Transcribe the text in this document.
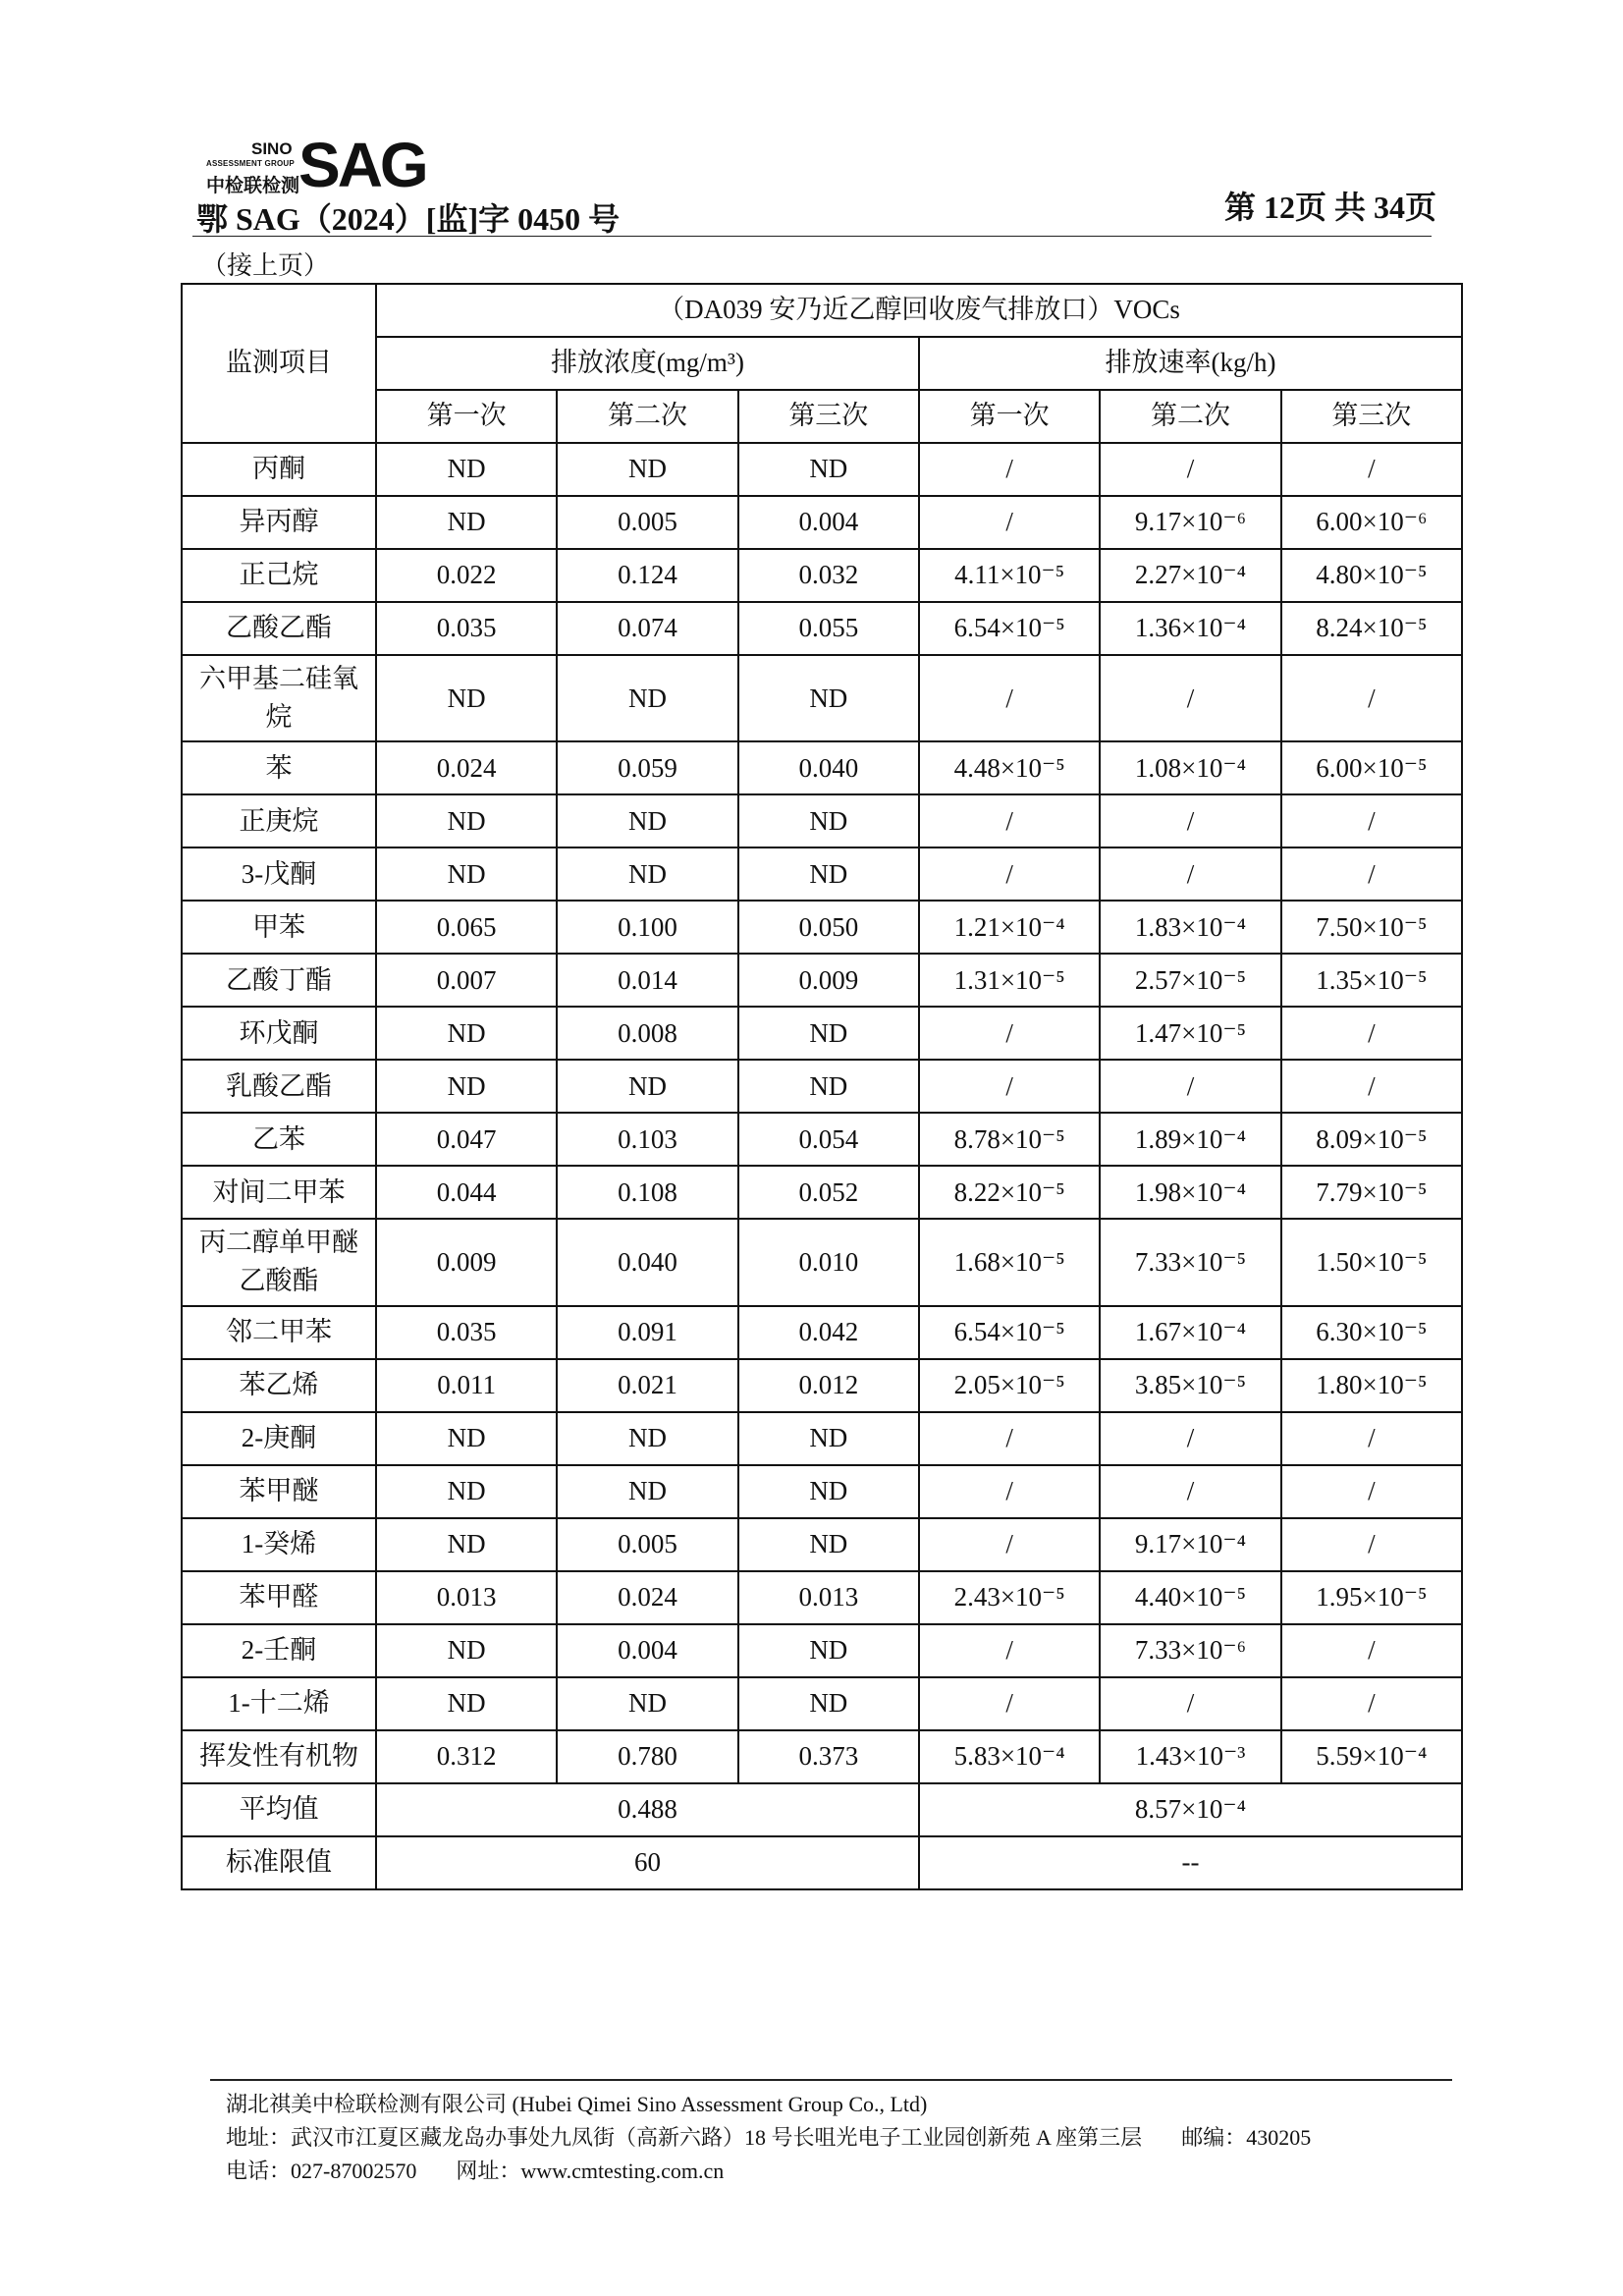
SINO
ASSESSMENT GROUP
中检联检测
SAG
鄂 SAG（2024）[监]字 0450 号	第 12页 共 34页
（接上页）
监测项目	（DA039 安乃近乙醇回收废气排放口）VOCs					
	排放浓度(mg/m³)			排放速率(kg/h)		
	第一次	第二次	第三次	第一次	第二次	第三次
丙酮	ND	ND	ND	/	/	/
异丙醇	ND	0.005	0.004	/	9.17×10⁻⁶	6.00×10⁻⁶
正己烷	0.022	0.124	0.032	4.11×10⁻⁵	2.27×10⁻⁴	4.80×10⁻⁵
乙酸乙酯	0.035	0.074	0.055	6.54×10⁻⁵	1.36×10⁻⁴	8.24×10⁻⁵
六甲基二硅氧烷	ND	ND	ND	/	/	/
苯	0.024	0.059	0.040	4.48×10⁻⁵	1.08×10⁻⁴	6.00×10⁻⁵
正庚烷	ND	ND	ND	/	/	/
3-戊酮	ND	ND	ND	/	/	/
甲苯	0.065	0.100	0.050	1.21×10⁻⁴	1.83×10⁻⁴	7.50×10⁻⁵
乙酸丁酯	0.007	0.014	0.009	1.31×10⁻⁵	2.57×10⁻⁵	1.35×10⁻⁵
环戊酮	ND	0.008	ND	/	1.47×10⁻⁵	/
乳酸乙酯	ND	ND	ND	/	/	/
乙苯	0.047	0.103	0.054	8.78×10⁻⁵	1.89×10⁻⁴	8.09×10⁻⁵
对间二甲苯	0.044	0.108	0.052	8.22×10⁻⁵	1.98×10⁻⁴	7.79×10⁻⁵
丙二醇单甲醚乙酸酯	0.009	0.040	0.010	1.68×10⁻⁵	7.33×10⁻⁵	1.50×10⁻⁵
邻二甲苯	0.035	0.091	0.042	6.54×10⁻⁵	1.67×10⁻⁴	6.30×10⁻⁵
苯乙烯	0.011	0.021	0.012	2.05×10⁻⁵	3.85×10⁻⁵	1.80×10⁻⁵
2-庚酮	ND	ND	ND	/	/	/
苯甲醚	ND	ND	ND	/	/	/
1-癸烯	ND	0.005	ND	/	9.17×10⁻⁴	/
苯甲醛	0.013	0.024	0.013	2.43×10⁻⁵	4.40×10⁻⁵	1.95×10⁻⁵
2-壬酮	ND	0.004	ND	/	7.33×10⁻⁶	/
1-十二烯	ND	ND	ND	/	/	/
挥发性有机物	0.312	0.780	0.373	5.83×10⁻⁴	1.43×10⁻³	5.59×10⁻⁴
平均值	0.488			8.57×10⁻⁴		
标准限值	60			--		
湖北祺美中检联检测有限公司 (Hubei Qimei Sino Assessment Group Co., Ltd)
地址：武汉市江夏区藏龙岛办事处九凤街（高新六路）18 号长咀光电子工业园创新苑 A 座第三层 邮编：430205
电话：027-87002570 网址：www.cmtesting.com.cn
